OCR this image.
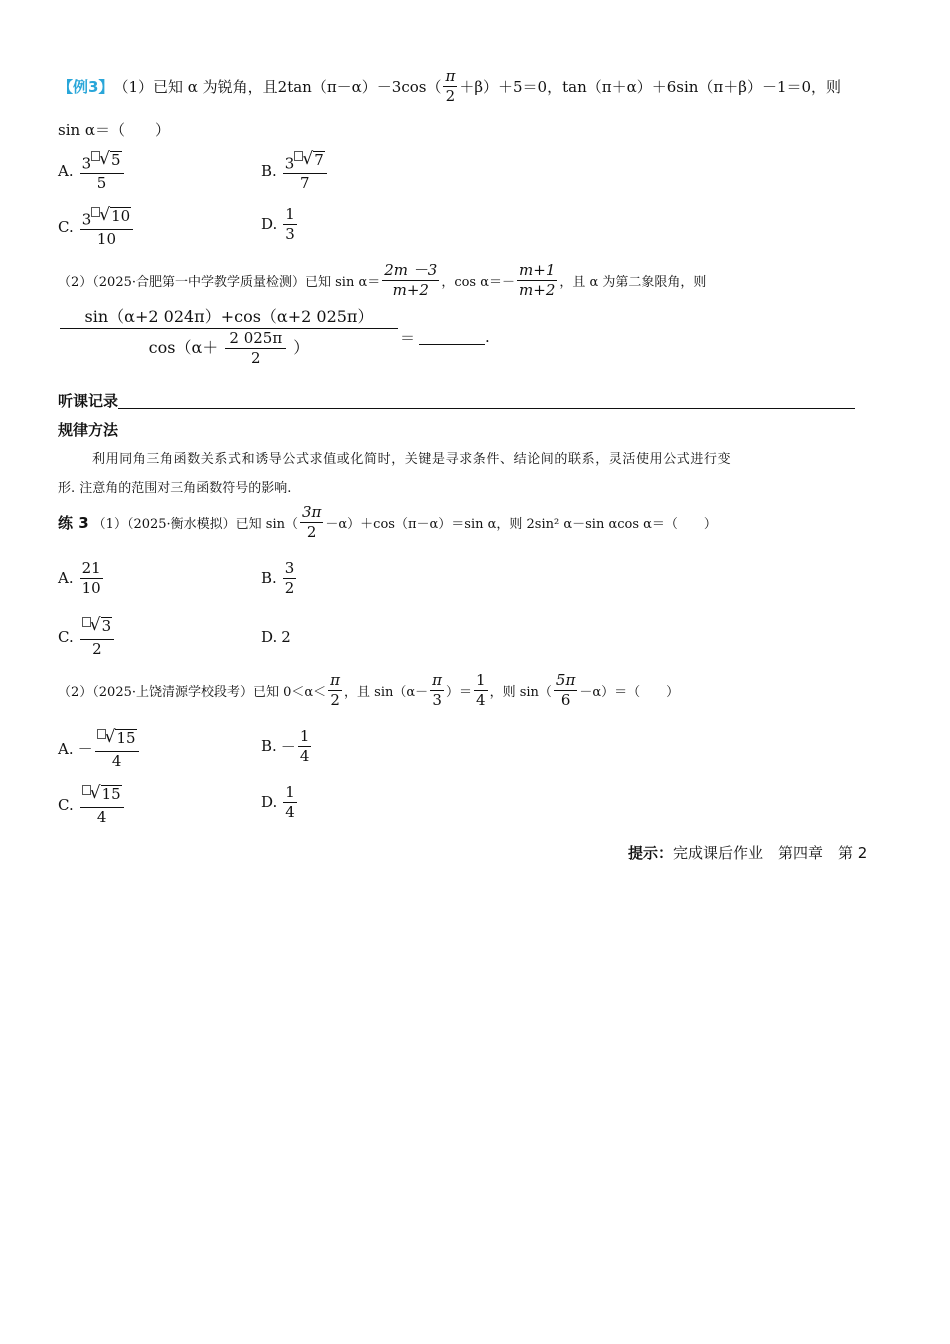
【例3】 （1）已知 α 为锐角，且$2\tan(\pi-\alpha)-3\cos( \frac{\pi}{2} +\beta)+5=0$，tan（π＋α）＋6sin（π＋β）－1＝0，则
sin α＝（　　）
A. $\frac{3 √ 5}{5}$	B. $\frac{3 √ 7}{7}$
C. $\frac{3 √ 10}{10}$	D. $\frac{1}{3}$
（2）（2025·合肥第一中学教学质量检测）已知 $\sin \alpha= \frac{2m -3}{m+2}$ ，$\cos \alpha=- \frac{m+1}{m+2}$ ，且 α 为第二象限角，则
$\frac{\sin(\alpha+2 024\pi)+\cos(\alpha+2 025\pi)}{\cos(\alpha+ \frac{2 025\pi}{2} )}$ ＝	.
听课记录
规律方法
利用同角三角函数关系式和诱导公式求值或化简时，关键是寻求条件、结论间的联系，灵活使用公式进行变
形. 注意角的范围对三角函数符号的影响.
练 3 （1）（2025·衡水模拟）已知 $\sin( \frac{3\pi}{2} -\alpha)+\cos(\pi-\alpha)=\sin$ α，则 2sin² α－sin αcos α＝（　　）
A. $\frac{21}{10}$	B. $\frac{3}{2}$
C. $\frac{√ 3}{2}$	D. 2
（2）（2025·上饶清源学校段考）已知 $0<\alpha< \frac{\pi}{2}$ ，且 $\sin(\alpha- \frac{\pi}{3}$ ）＝ $\frac{1}{4}$ ，则 $\sin( \frac{5\pi}{6} -\alpha)=$（　　）
A. － $\frac{√ 15}{4}$	B. － $\frac{1}{4}$
C. $\frac{√ 15}{4}$	D. $\frac{1}{4}$
提示： 完成课后作业　第四章　第 2
